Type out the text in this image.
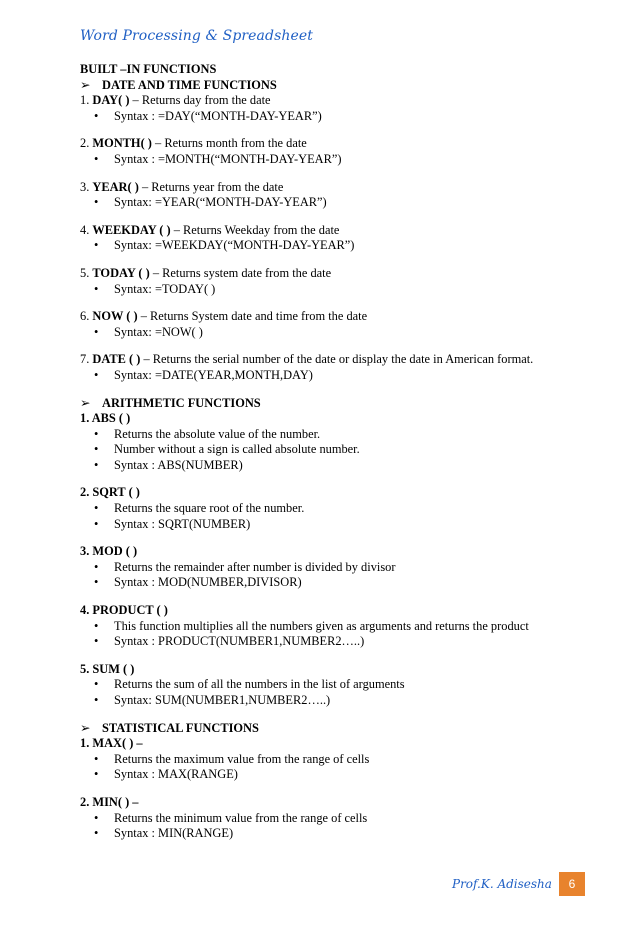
Word Processing & Spreadsheet
BUILT –IN FUNCTIONS
➢ DATE AND TIME FUNCTIONS
1. DAY( ) – Returns day from the date
• Syntax : =DAY(“MONTH-DAY-YEAR”)
2. MONTH( ) – Returns month from the date
• Syntax : =MONTH(“MONTH-DAY-YEAR”)
3. YEAR( ) – Returns year from the date
• Syntax: =YEAR(“MONTH-DAY-YEAR”)
4. WEEKDAY ( ) – Returns Weekday from the date
• Syntax: =WEEKDAY(“MONTH-DAY-YEAR”)
5. TODAY ( ) – Returns system date from the date
• Syntax: =TODAY( )
6. NOW ( ) – Returns System date and time from the date
• Syntax: =NOW( )
7. DATE ( ) – Returns the serial number of the date or display the date in American format.
• Syntax: =DATE(YEAR,MONTH,DAY)
➢ ARITHMETIC FUNCTIONS
1. ABS ( )
• Returns the absolute value of the number.
• Number without a sign is called absolute number.
• Syntax : ABS(NUMBER)
2. SQRT ( )
• Returns the square root of the number.
• Syntax : SQRT(NUMBER)
3. MOD ( )
• Returns the remainder after number is divided by divisor
• Syntax : MOD(NUMBER,DIVISOR)
4. PRODUCT ( )
• This function multiplies all the numbers given as arguments and returns the product
• Syntax : PRODUCT(NUMBER1,NUMBER2…..)
5. SUM ( )
• Returns the sum of all the numbers in the list of arguments
• Syntax: SUM(NUMBER1,NUMBER2…..)
➢ STATISTICAL FUNCTIONS
1. MAX( ) –
• Returns the maximum value from the range of cells
• Syntax : MAX(RANGE)
2. MIN( ) –
• Returns the minimum value from the range of cells
• Syntax : MIN(RANGE)
Prof.K. Adisesha	6
